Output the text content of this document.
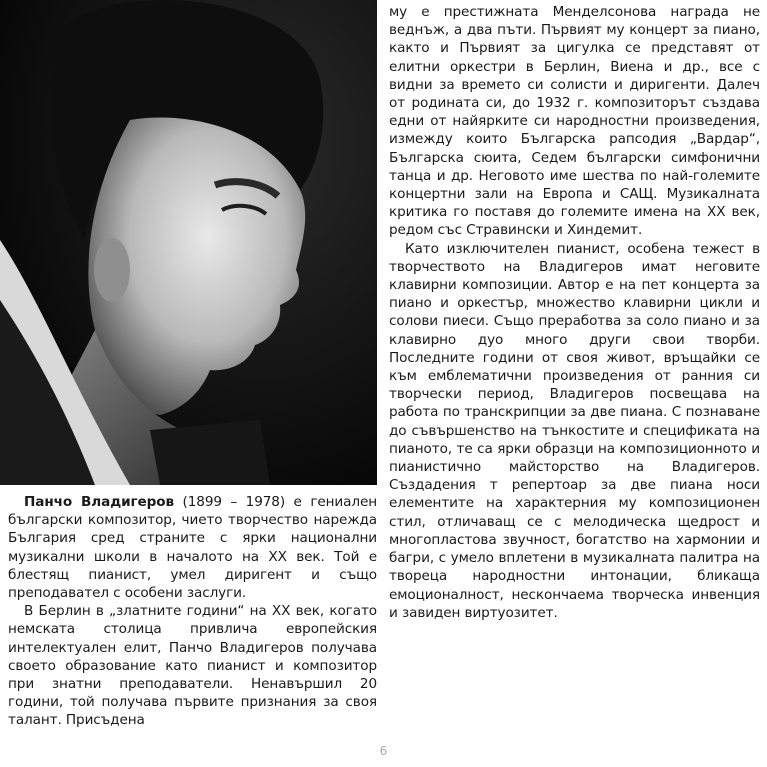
Панчо Владигеров (1899 – 1978) е гениален български композитор, чието творчество нарежда България сред страните с ярки национални музикални школи в началото на XX век. Той е блестящ пианист, умел диригент и също преподавател с особени заслуги.

В Берлин в „златните години“ на XX век, когато немската столица привлича европейския интелектуален елит, Панчо Владигеров получава своето образование като пианист и композитор при знатни преподаватели. Ненавършил 20 години, той получава първите признания за своя талант. Присъдена

му е престижната Менделсонова награда не веднъж, а два пъти. Първият му концерт за пиано, както и Първият за цигулка се представят от елитни оркестри в Берлин, Виена и др., все с видни за времето си солисти и диригенти. Далеч от родината си, до 1932 г. композиторът създава едни от найярките си народностни произведения, измежду които Българска рапсодия „Вардар“, Българска сюита, Седем български симфонични танца и др. Неговото име шества по най-големите концертни зали на Европа и САЩ. Музикалната критика го поставя до големите имена на XX век, редом със Стравински и Хиндемит.

Като изключителен пианист, особена тежест в творчеството на Владигеров имат неговите клавирни композиции. Автор е на пет концерта за пиано и оркестър, множество клавирни цикли и солови пиеси. Също преработва за соло пиано и за клавирно дуо много други свои творби. Последните години от своя живот, връщайки се към емблематични произведения от ранния си творчески период, Владигеров посвещава на работа по транскрипции за две пиана. С познаване до съвършенство на тънкостите и спецификата на пианото, те са ярки образци на композиционното и пианистично майсторство на Владигеров. Създадения т репертоар за две пиана носи елементите на характерния му композиционен стил, отличаващ се с мелодическа щедрост и многопластова звучност, богатство на хармонии и багри, с умело вплетени в музикалната палитра на твореца народностни интонации, бликаща емоционалност, нескончаема творческа инвенция и завиден виртуозитет.

6
